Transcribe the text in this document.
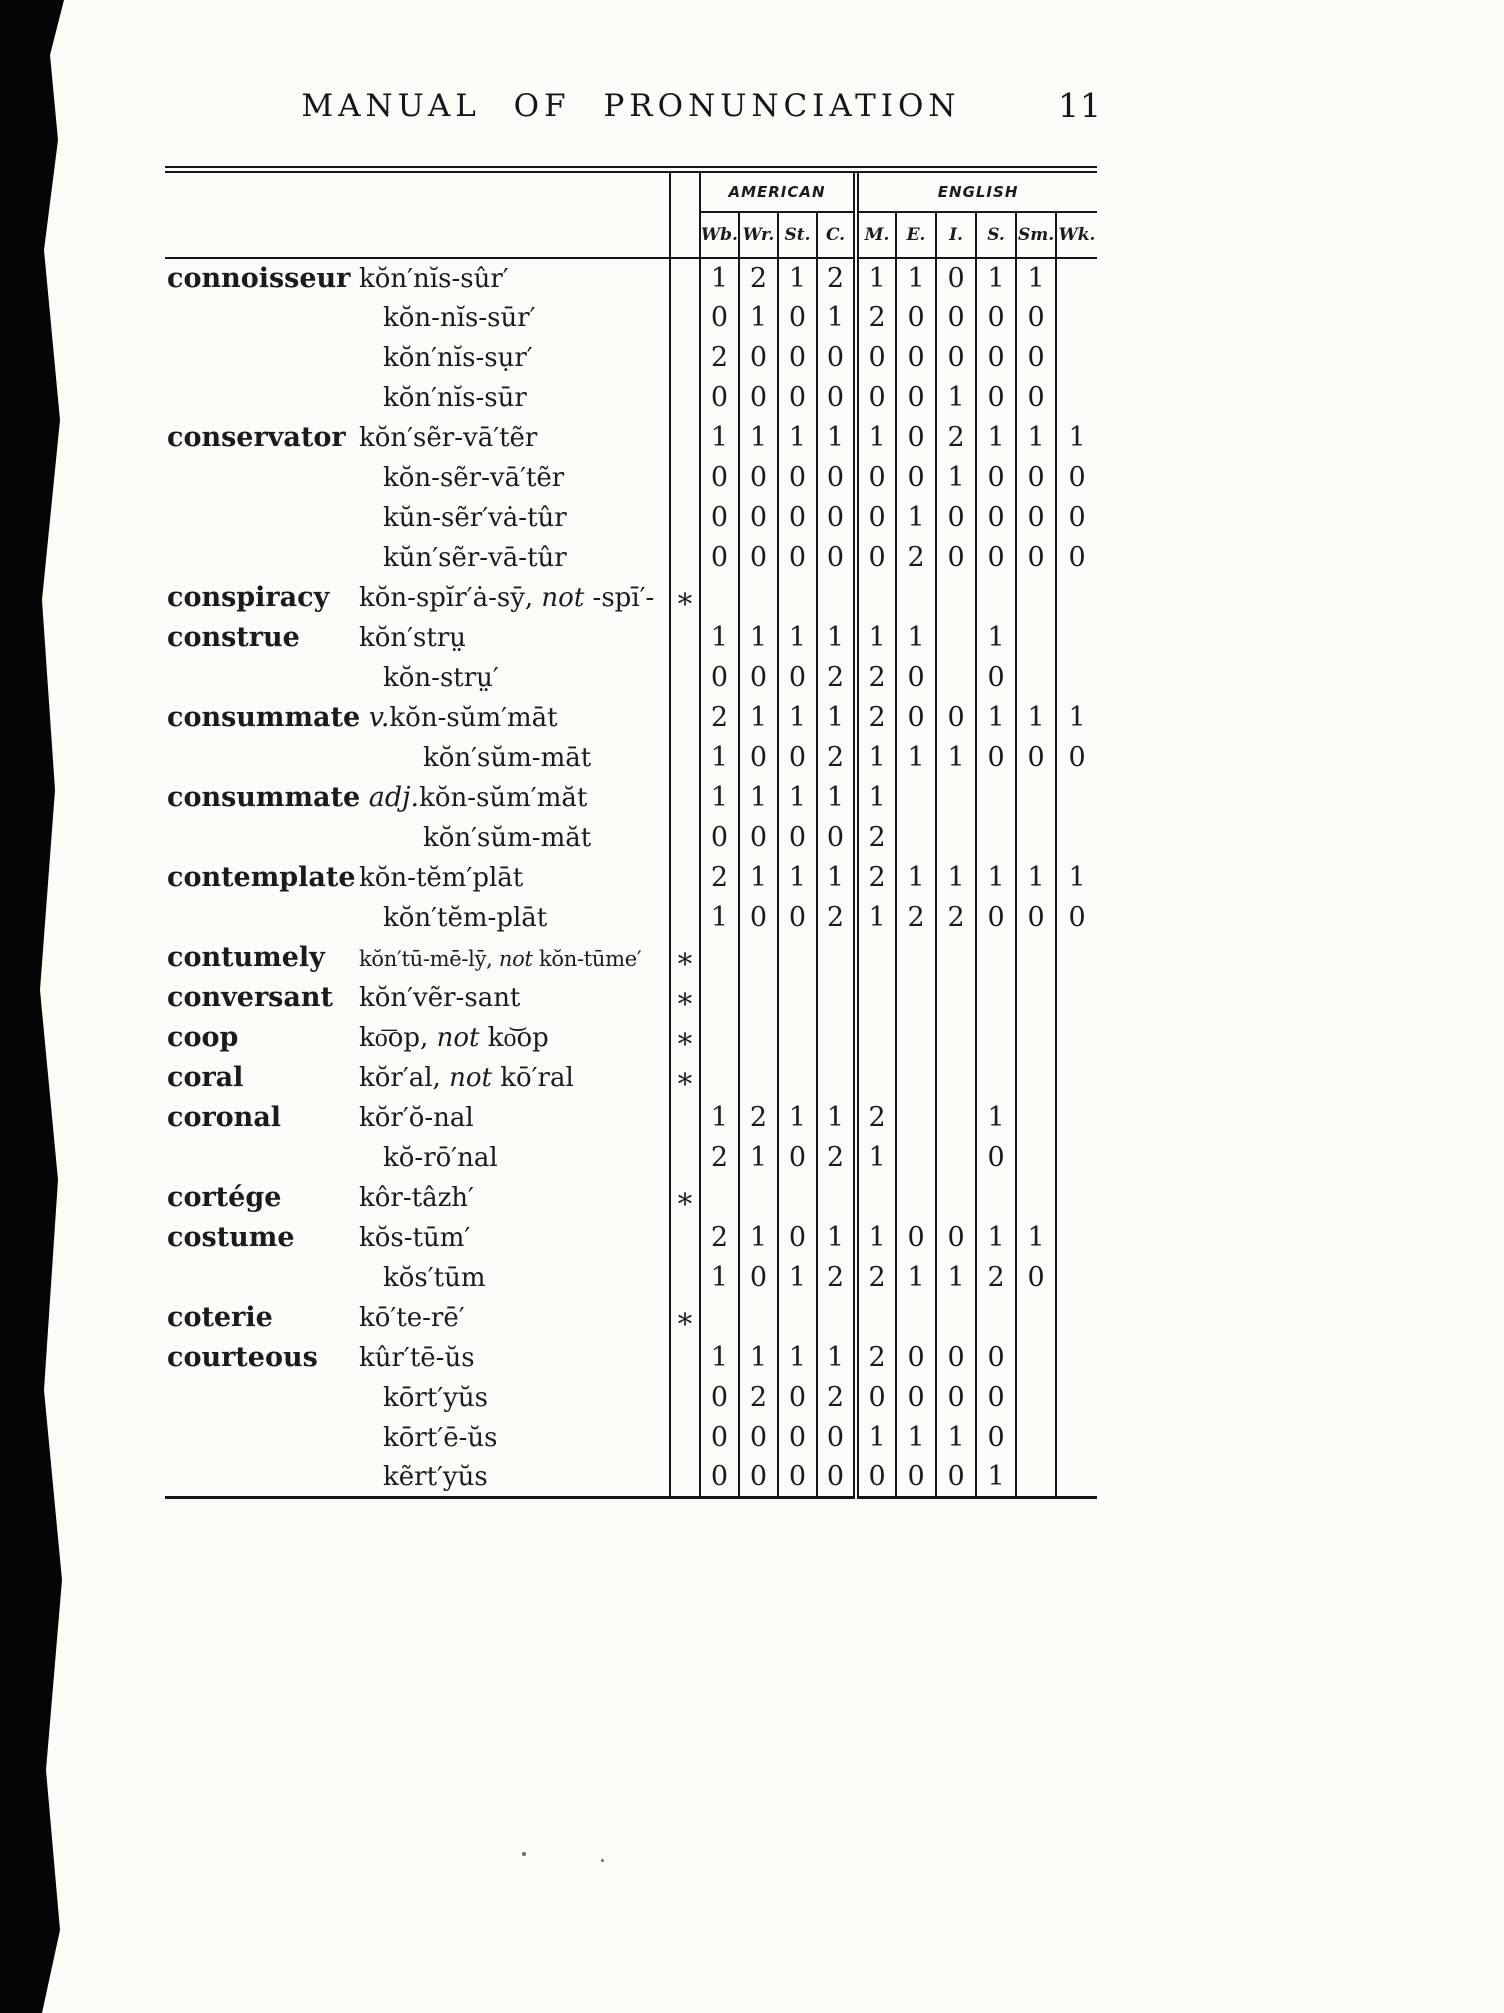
MANUAL OF PRONUNCIATION	11
		AMERICAN				ENGLISH					
		Wb.	Wr.	St.	C.	M.	E.	I.	S.	Sm.	Wk.
connoisseur kŏn′nĭs-sûr′		1	2	1	2	1	1	0	1	1	
kŏn-nĭs-sūr′		0	1	0	1	2	0	0	0	0	
kŏn′nĭs-sụr′		2	0	0	0	0	0	0	0	0	
kŏn′nĭs-sūr		0	0	0	0	0	0	1	0	0	
conservator kŏn′sẽr-vā′tẽr		1	1	1	1	1	0	2	1	1	1
kŏn-sẽr-vā′tẽr		0	0	0	0	0	0	1	0	0	0
kŭn-sẽr′vȧ-tûr		0	0	0	0	0	1	0	0	0	0
kŭn′sẽr-vā-tûr		0	0	0	0	0	2	0	0	0	0
conspiracy kŏn-spĭr′ȧ-sȳ, not -spī′-	∗										
construe kŏn′strṳ		1	1	1	1	1	1		1		
kŏn-strṳ′		0	0	0	2	2	0		0		
consummate v.kŏn-sŭm′māt		2	1	1	1	2	0	0	1	1	1
kŏn′sŭm-māt		1	0	0	2	1	1	1	0	0	0
consummate adj.kŏn-sŭm′măt		1	1	1	1	1					
kŏn′sŭm-măt		0	0	0	0	2					
contemplate kŏn-tĕm′plāt		2	1	1	1	2	1	1	1	1	1
kŏn′tĕm-plāt		1	0	0	2	1	2	2	0	0	0
contumely kŏn′tū-mē-lȳ, not kŏn-tūme′	∗										
conversant kŏn′vẽr-sant	∗										
coop ko͞op, not ko͝op	∗										
coral kŏr′al, not kō′ral	∗										
coronal kŏr′ŏ-nal		1	2	1	1	2			1		
kŏ-rō′nal		2	1	0	2	1			0		
cortége kôr-tâzh′	∗										
costume kŏs-tūm′		2	1	0	1	1	0	0	1	1	
kŏs′tūm		1	0	1	2	2	1	1	2	0	
coterie kō′te-rē′	∗										
courteous kûr′tē-ŭs		1	1	1	1	2	0	0	0		
kōrt′yŭs		0	2	0	2	0	0	0	0		
kōrt′ē-ŭs		0	0	0	0	1	1	1	0		
kẽrt′yŭs		0	0	0	0	0	0	0	1		
